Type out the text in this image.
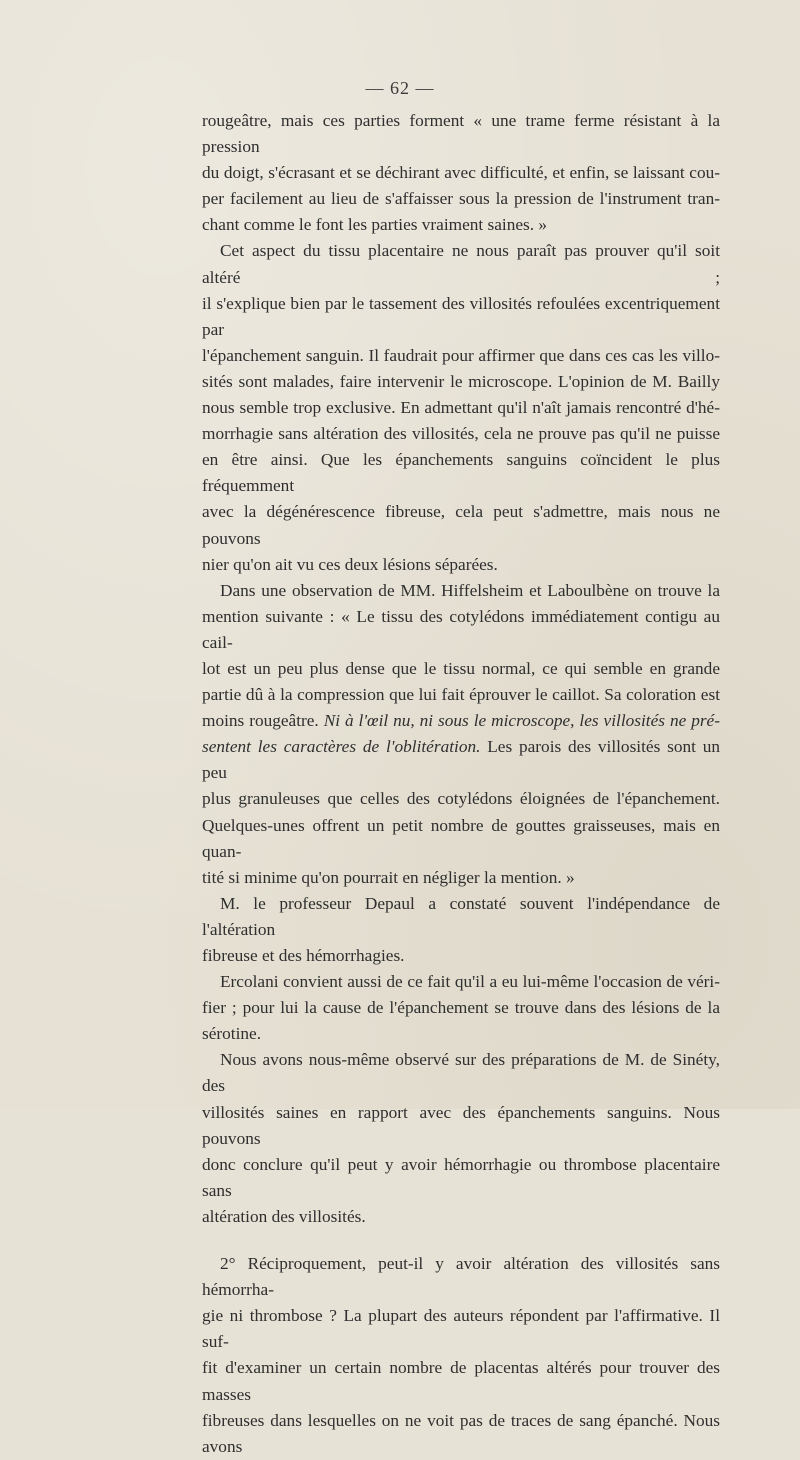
— 62 —

rougeâtre, mais ces parties forment « une trame ferme résistant à la pression

du doigt, s'écrasant et se déchirant avec difficulté, et enfin, se laissant cou-

per facilement au lieu de s'affaisser sous la pression de l'instrument tran-

chant comme le font les parties vraiment saines. »

Cet aspect du tissu placentaire ne nous paraît pas prouver qu'il soit altéré ;

il s'explique bien par le tassement des villosités refoulées excentriquement par

l'épanchement sanguin. Il faudrait pour affirmer que dans ces cas les villo-

sités sont malades, faire intervenir le microscope. L'opinion de M. Bailly

nous semble trop exclusive. En admettant qu'il n'aît jamais rencontré d'hé-

morrhagie sans altération des villosités, cela ne prouve pas qu'il ne puisse

en être ainsi. Que les épanchements sanguins coïncident le plus fréquemment

avec la dégénérescence fibreuse, cela peut s'admettre, mais nous ne pouvons

nier qu'on ait vu ces deux lésions séparées.

Dans une observation de MM. Hiffelsheim et Laboulbène on trouve la

mention suivante : « Le tissu des cotylédons immédiatement contigu au cail-

lot est un peu plus dense que le tissu normal, ce qui semble en grande

partie dû à la compression que lui fait éprouver le caillot. Sa coloration est

moins rougeâtre. Ni à l'œil nu, ni sous le microscope, les villosités ne pré-

sentent les caractères de l'oblitération. Les parois des villosités sont un peu

plus granuleuses que celles des cotylédons éloignées de l'épanchement.

Quelques-unes offrent un petit nombre de gouttes graisseuses, mais en quan-

tité si minime qu'on pourrait en négliger la mention. »

M. le professeur Depaul a constaté souvent l'indépendance de l'altération

fibreuse et des hémorrhagies.

Ercolani convient aussi de ce fait qu'il a eu lui-même l'occasion de véri-

fier ; pour lui la cause de l'épanchement se trouve dans des lésions de la

sérotine.

Nous avons nous-même observé sur des préparations de M. de Sinéty, des

villosités saines en rapport avec des épanchements sanguins. Nous pouvons

donc conclure qu'il peut y avoir hémorrhagie ou thrombose placentaire sans

altération des villosités.

2° Réciproquement, peut-il y avoir altération des villosités sans hémorrha-

gie ni thrombose ? La plupart des auteurs répondent par l'affirmative. Il suf-

fit d'examiner un certain nombre de placentas altérés pour trouver des masses

fibreuses dans lesquelles on ne voit pas de traces de sang épanché. Nous avons
